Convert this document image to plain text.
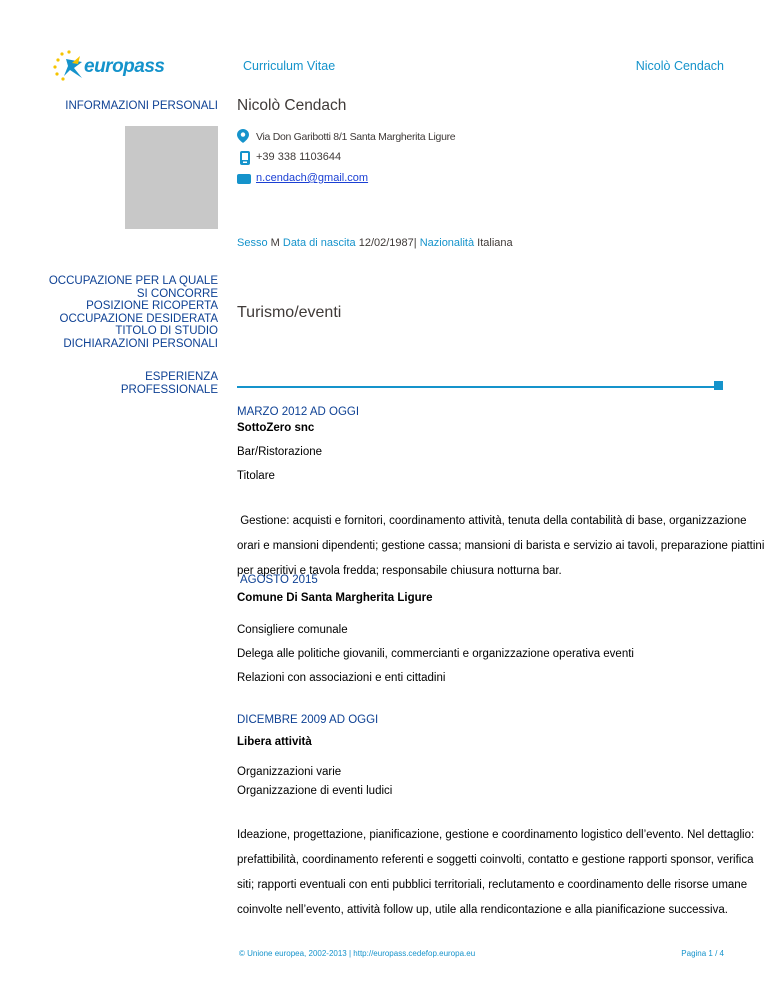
europass	Curriculum Vitae	Nicolò Cendach
INFORMAZIONI PERSONALI Nicolò Cendach
Via Don Garibotti 8/1 Santa Margherita Ligure
+39 338 1103644
n.cendach@gmail.com
Sesso M Data di nascita 12/02/1987| Nazionalità Italiana
OCCUPAZIONE PER LA QUALE
SI CONCORRE
POSIZIONE RICOPERTA
OCCUPAZIONE DESIDERATA
TITOLO DI STUDIO
DICHIARAZIONI PERSONALI
Turismo/eventi
ESPERIENZA
PROFESSIONALE
MARZO 2012 AD OGGI
SottoZero snc
Bar/Ristorazione
Titolare

Gestione: acquisti e fornitori, coordinamento attività, tenuta della contabilità di base, organizzazione
orari e mansioni dipendenti; gestione cassa; mansioni di barista e servizio ai tavoli, preparazione piattini
per aperitivi e tavola fredda; responsabile chiusura notturna bar.

AGOSTO 2015
Comune Di Santa Margherita Ligure
Consigliere comunale
Delega alle politiche giovanili, commercianti e organizzazione operativa eventi
Relazioni con associazioni e enti cittadini
DICEMBRE 2009 AD OGGI
Libera attività
Organizzazioni varie
Organizzazione di eventi ludici

Ideazione, progettazione, pianificazione, gestione e coordinamento logistico dell’evento. Nel dettaglio:
prefattibilità, coordinamento referenti e soggetti coinvolti, contatto e gestione rapporti sponsor, verifica
siti; rapporti eventuali con enti pubblici territoriali, reclutamento e coordinamento delle risorse umane
coinvolte nell’evento, attività follow up, utile alla rendicontazione e alla pianificazione successiva.

© Unione europea, 2002-2013 | http://europass.cedefop.europa.eu	Pagina 1 / 4
